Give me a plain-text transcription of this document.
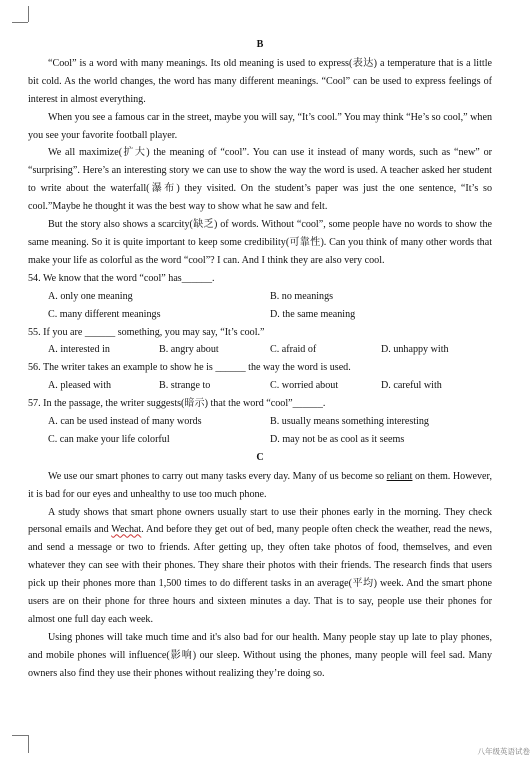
B

“Cool” is a word with many meanings. Its old meaning is used to express(表达) a temperature that is a little bit cold. As the world changes, the word has many different meanings. “Cool” can be used to express feelings of interest in almost everything.

When you see a famous car in the street, maybe you will say, “It’s cool.” You may think “He’s so cool,” when you see your favorite football player.

We all maximize(扩大) the meaning of “cool”. You can use it instead of many words, such as “new” or “surprising”. Here’s an interesting story we can use to show the way the word is used. A teacher asked her student to write about the waterfall(瀑布) they visited. On the student’s paper was just the one sentence, “It’s so cool.”Maybe he thought it was the best way to show what he saw and felt.

But the story also shows a scarcity(缺乏) of words. Without “cool”, some people have no words to show the same meaning. So it is quite important to keep some credibility(可靠性). Can you think of many other words that make your life as colorful as the word “cool”? I can. And I think they are also very cool.

54. We know that the word “cool” has______.
A. only one meaning	B. no meanings
C. many different meanings	D. the same meaning
55. If you are ______ something, you may say, “It’s cool.”
A. interested in	B. angry about	C. afraid of	D. unhappy with
56. The writer takes an example to show he is ______ the way the word is used.
A. pleased with	B. strange to	C. worried about	D. careful with
57. In the passage, the writer suggests(暗示) that the word “cool”______.
A. can be used instead of many words	B. usually means something interesting
C. can make your life colorful	D. may not be as cool as it seems
C

We use our smart phones to carry out many tasks every day. Many of us become so reliant on them. However, it is bad for our eyes and unhealthy to use too much phone.

A study shows that smart phone owners usually start to use their phones early in the morning. They check personal emails and Wechat. And before they get out of bed, many people often check the weather, read the news, and send a message or two to friends. After getting up, they often take photos of food, themselves, and even whatever they can see with their phones. They share their photos with their friends. The research finds that users pick up their phones more than 1,500 times to do different tasks in an average(平均) week. And the smart phone users are on their phone for three hours and sixteen minutes a day. That is to say, people use their phones for almost one full day each week.

Using phones will take much time and it's also bad for our health. Many people stay up late to play phones, and mobile phones will influence(影响) our sleep. Without using the phones, many people will feel sad. Many owners also find they use their phones without realizing they’re doing so.

八年级英语试卷
